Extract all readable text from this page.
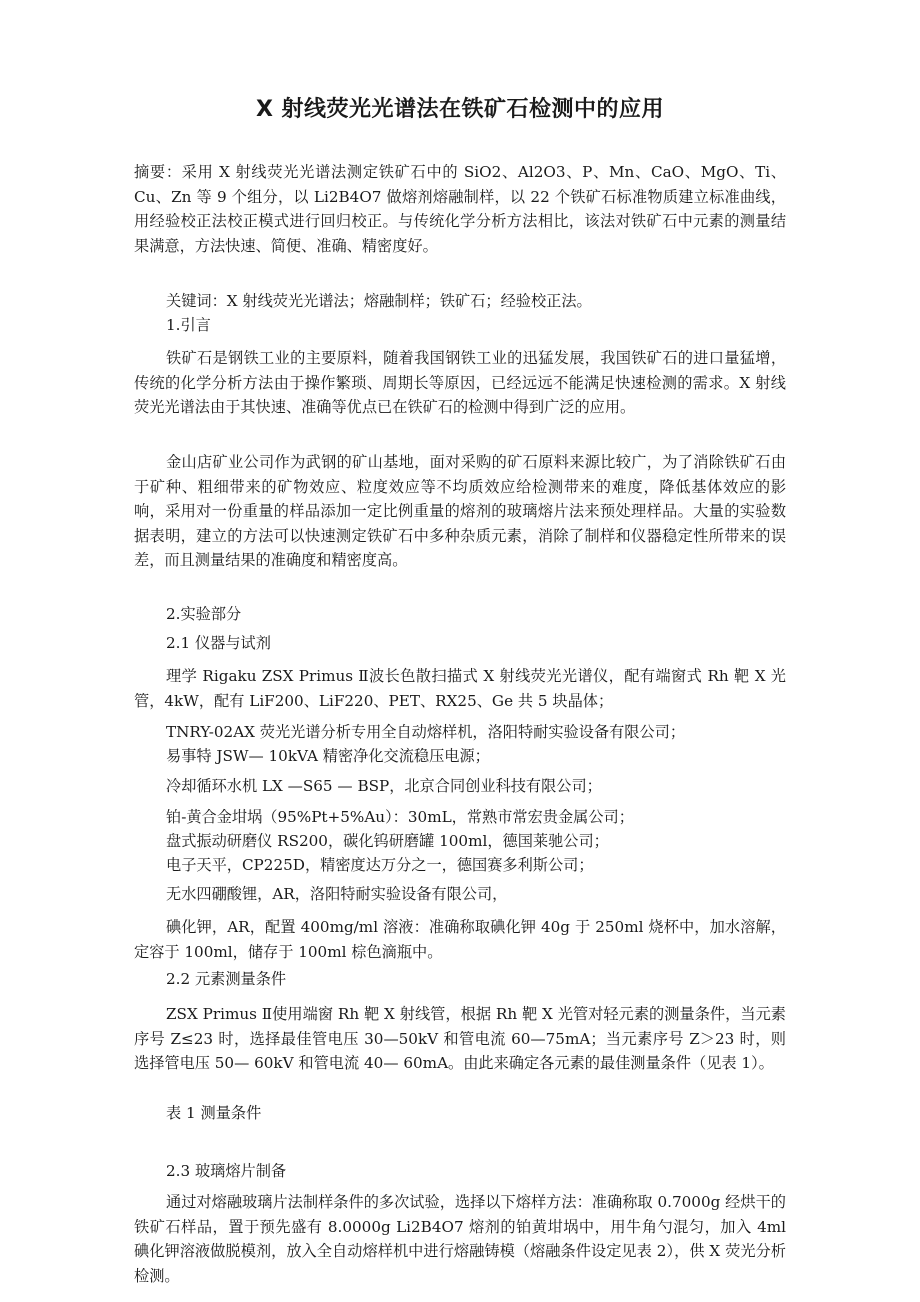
X 射线荧光光谱法在铁矿石检测中的应用
摘要：采用 X 射线荧光光谱法测定铁矿石中的 SiO2、Al2O3、P、Mn、CaO、MgO、Ti、Cu、Zn 等 9 个组分，以 Li2B4O7 做熔剂熔融制样，以 22 个铁矿石标准物质建立标准曲线，用经验校正法校正模式进行回归校正。与传统化学分析方法相比，该法对铁矿石中元素的测量结果满意，方法快速、简便、准确、精密度好。
关键词：X 射线荧光光谱法；熔融制样；铁矿石；经验校正法。
1.引言
铁矿石是钢铁工业的主要原料，随着我国钢铁工业的迅猛发展，我国铁矿石的进口量猛增，传统的化学分析方法由于操作繁琐、周期长等原因，已经远远不能满足快速检测的需求。X 射线荧光光谱法由于其快速、准确等优点已在铁矿石的检测中得到广泛的应用。
金山店矿业公司作为武钢的矿山基地，面对采购的矿石原料来源比较广，为了消除铁矿石由于矿种、粗细带来的矿物效应、粒度效应等不均质效应给检测带来的难度，降低基体效应的影响，采用对一份重量的样品添加一定比例重量的熔剂的玻璃熔片法来预处理样品。大量的实验数据表明，建立的方法可以快速测定铁矿石中多种杂质元素，消除了制样和仪器稳定性所带来的误差，而且测量结果的准确度和精密度高。
2.实验部分
2.1 仪器与试剂
理学 Rigaku ZSX Primus Ⅱ波长色散扫描式 X 射线荧光光谱仪，配有端窗式 Rh 靶 X 光管，4kW，配有 LiF200、LiF220、PET、RX25、Ge 共 5 块晶体；
TNRY-02AX 荧光光谱分析专用全自动熔样机，洛阳特耐实验设备有限公司；
易事特 JSW— 10kVA 精密净化交流稳压电源；
冷却循环水机 LX —S65 — BSP，北京合同创业科技有限公司；
铂-黄合金坩埚（95%Pt+5%Au）：30mL，常熟市常宏贵金属公司；
盘式振动研磨仪 RS200，碳化钨研磨罐 100ml，德国莱驰公司；
电子天平，CP225D，精密度达万分之一，德国赛多利斯公司；
无水四硼酸锂，AR，洛阳特耐实验设备有限公司，
碘化钾，AR，配置 400mg/ml 溶液：准确称取碘化钾 40g 于 250ml 烧杯中，加水溶解，定容于 100ml，储存于 100ml 棕色滴瓶中。
2.2 元素测量条件
ZSX Primus Ⅱ使用端窗 Rh 靶 X 射线管，根据 Rh 靶 X 光管对轻元素的测量条件，当元素序号 Z≤23 时，选择最佳管电压 30—50kV 和管电流 60—75mA；当元素序号 Z＞23 时，则选择管电压 50— 60kV 和管电流 40— 60mA。由此来确定各元素的最佳测量条件（见表 1）。
表 1 测量条件
2.3 玻璃熔片制备
通过对熔融玻璃片法制样条件的多次试验，选择以下熔样方法：准确称取 0.7000g 经烘干的铁矿石样品，置于预先盛有 8.0000g Li2B4O7 熔剂的铂黄坩埚中，用牛角勺混匀，加入 4ml 碘化钾溶液做脱模剂，放入全自动熔样机中进行熔融铸模（熔融条件设定见表 2），供 X 荧光分析检测。
